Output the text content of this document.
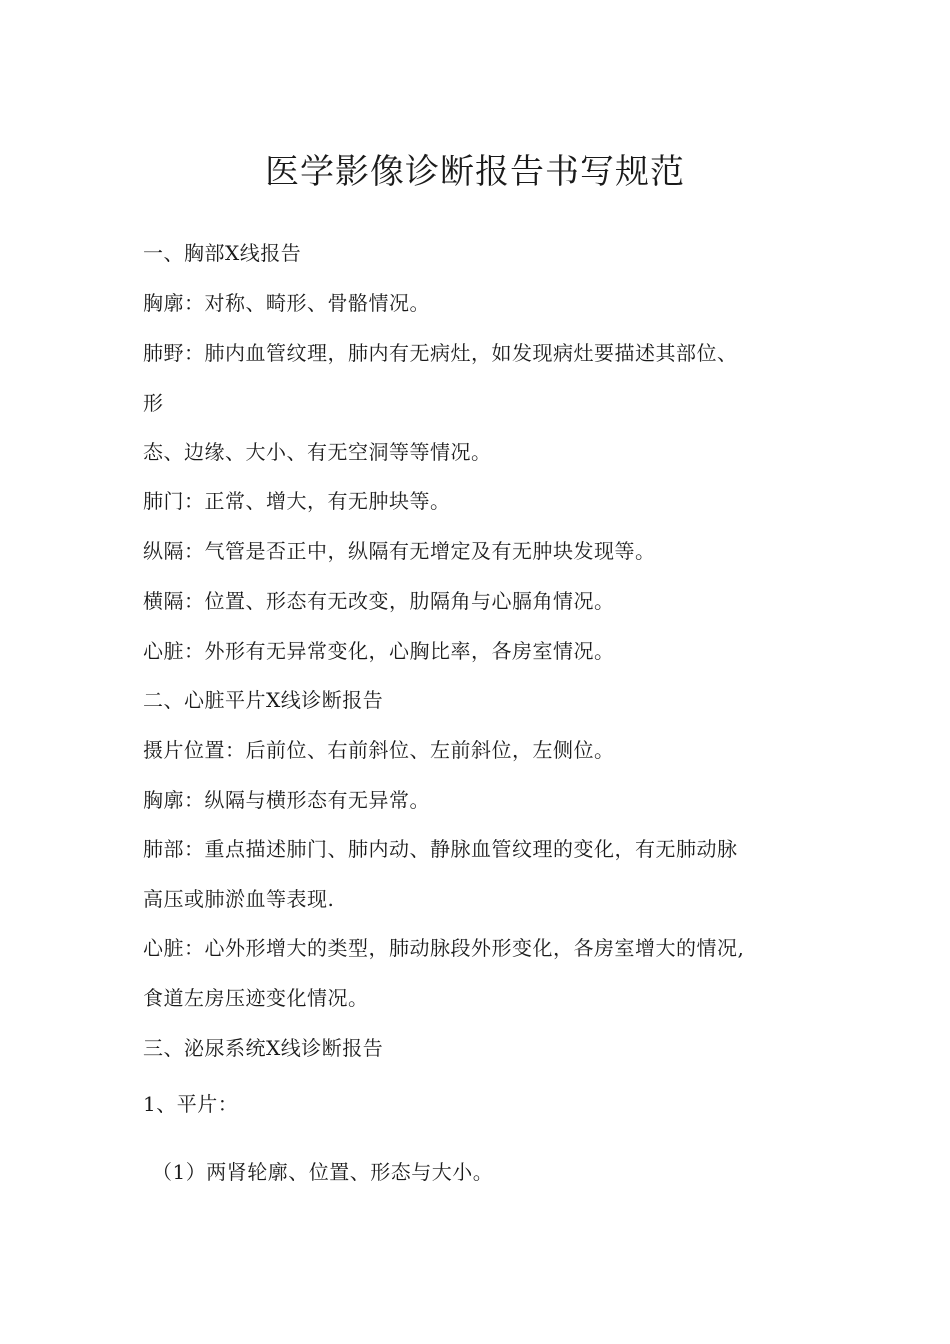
医学影像诊断报告书写规范
一、胸部X线报告
胸廓：对称、畸形、骨骼情况。
肺野：肺内血管纹理，肺内有无病灶，如发现病灶要描述其部位、
形
态、边缘、大小、有无空洞等等情况。
肺门：正常、增大，有无肿块等。
纵隔：气管是否正中，纵隔有无增定及有无肿块发现等。
横隔：位置、形态有无改变，肋隔角与心膈角情况。
心脏：外形有无异常变化，心胸比率，各房室情况。
二、心脏平片X线诊断报告
摄片位置：后前位、右前斜位、左前斜位，左侧位。
胸廓：纵隔与横形态有无异常。
肺部：重点描述肺门、肺内动、静脉血管纹理的变化，有无肺动脉
高压或肺淤血等表现.
心脏：心外形增大的类型，肺动脉段外形变化，各房室增大的情况,
食道左房压迹变化情况。
三、泌尿系统X线诊断报告
1、平片：
（1）两肾轮廓、位置、形态与大小。
